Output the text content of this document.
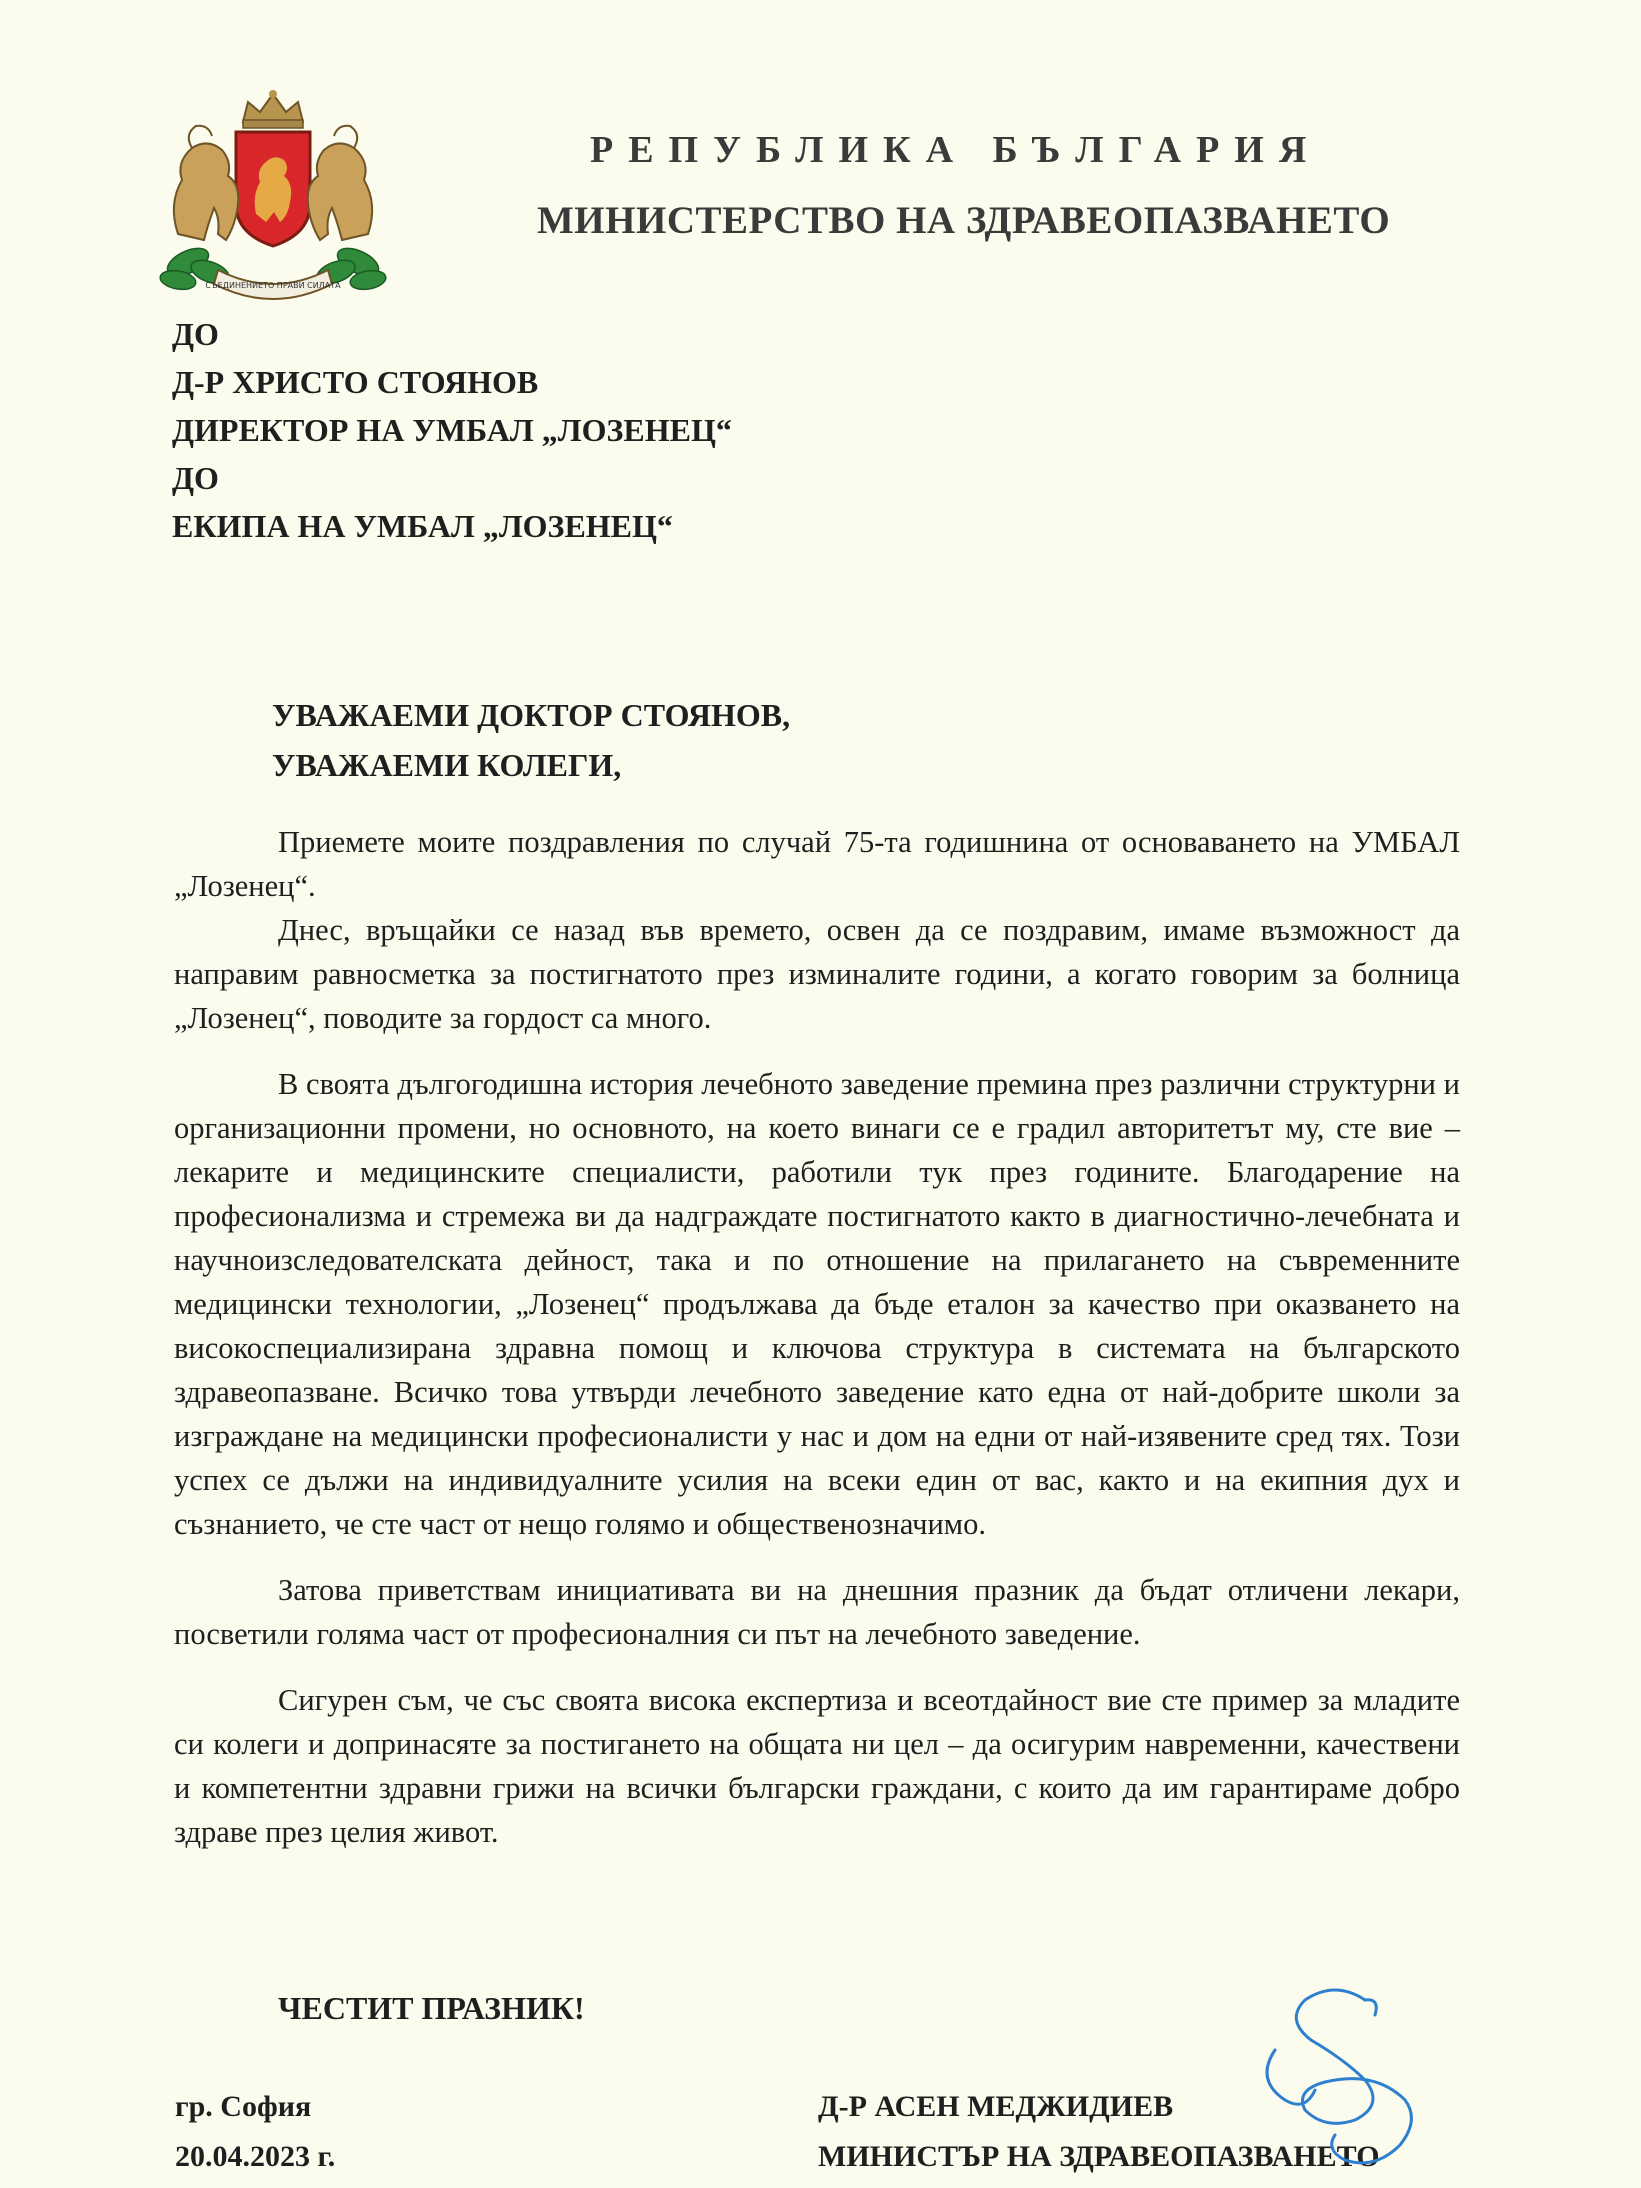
СЪЕДИНЕНИЕТО ПРАВИ СИЛАТА
РЕПУБЛИКА БЪЛГАРИЯ
МИНИСТЕРСТВО НА ЗДРАВЕОПАЗВАНЕТО
ДО
Д-Р ХРИСТО СТОЯНОВ
ДИРЕКТОР НА УМБАЛ „ЛОЗЕНЕЦ“
ДО
ЕКИПА НА УМБАЛ „ЛОЗЕНЕЦ“
УВАЖАЕМИ ДОКТОР СТОЯНОВ,
УВАЖАЕМИ КОЛЕГИ,

Приемете моите поздравления по случай 75-та годишнина от основаването на УМБАЛ „Лозенец“.

Днес, връщайки се назад във времето, освен да се поздравим, имаме възможност да направим равносметка за постигнатото през изминалите години, а когато говорим за болница „Лозенец“, поводите за гордост са много.

В своята дългогодишна история лечебното заведение премина през различни структурни и организационни промени, но основното, на което винаги се е градил авторитетът му, сте вие – лекарите и медицинските специалисти, работили тук през годините. Благодарение на професионализма и стремежа ви да надграждате постигнатото както в диагностично-лечебната и научноизследователската дейност, така и по отношение на прилагането на съвременните медицински технологии, „Лозенец“ продължава да бъде еталон за качество при оказването на високоспециализирана здравна помощ и ключова структура в системата на българското здравеопазване. Всичко това утвърди лечебното заведение като една от най-добрите школи за изграждане на медицински професионалисти у нас и дом на едни от най-изявените сред тях. Този успех се дължи на индивидуалните усилия на всеки един от вас, както и на екипния дух и съзнанието, че сте част от нещо голямо и общественозначимо.

Затова приветствам инициативата ви на днешния празник да бъдат отличени лекари, посветили голяма част от професионалния си път на лечебното заведение.

Сигурен съм, че със своята висока експертиза и всеотдайност вие сте пример за младите си колеги и допринасяте за постигането на общата ни цел – да осигурим навременни, качествени и компетентни здравни грижи на всички български граждани, с които да им гарантираме добро здраве през целия живот.

ЧЕСТИТ ПРАЗНИК!
гр. София
20.04.2023 г.
Д-Р АСЕН МЕДЖИДИЕВ
МИНИСТЪР НА ЗДРАВЕОПАЗВАНЕТО
